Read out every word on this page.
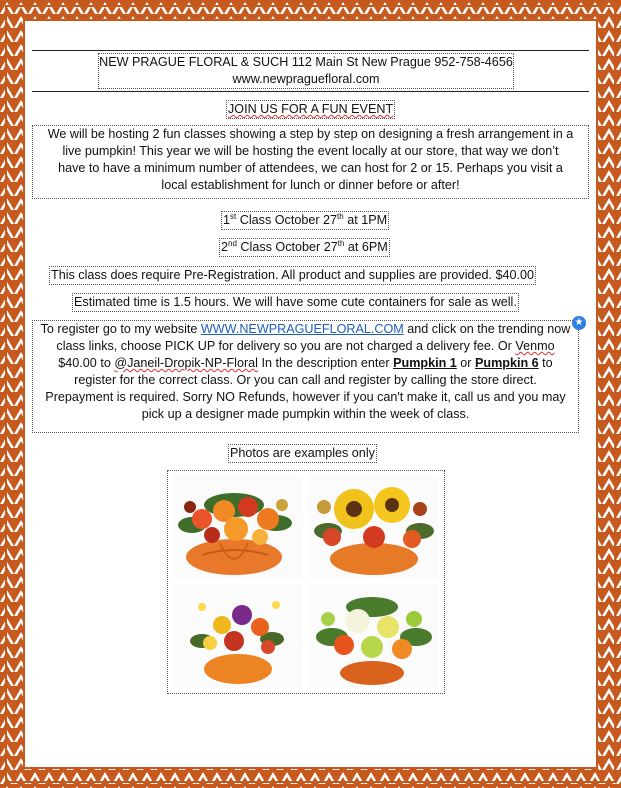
NEW PRAGUE FLORAL & SUCH 112 Main St New Prague 952-758-4656
www.newpraguefloral.com
JOIN US FOR A FUN EVENT
We will be hosting 2 fun classes showing a step by step on designing a fresh arrangement in a
live pumpkin! This year we will be hosting the event locally at our store, that way we don’t
have to have a minimum number of attendees, we can host for 2 or 15. Perhaps you visit a
local establishment for lunch or dinner before or after!
1st Class October 27th at 1PM
2nd Class October 27th at 6PM
This class does require Pre-Registration. All product and supplies are provided. $40.00
Estimated time is 1.5 hours. We will have some cute containers for sale as well.
To register go to my website WWW.NEWPRAGUEFLORAL.COM and click on the trending now
class links, choose PICK UP for delivery so you are not charged a delivery fee. Or Venmo
$40.00 to @Janeil-Dropik-NP-Floral In the description enter Pumpkin 1 or Pumpkin 6 to
register for the correct class. Or you can call and register by calling the store direct.
Prepayment is required. Sorry NO Refunds, however if you can't make it, call us and you may
pick up a designer made pumpkin within the week of class.
Photos are examples only
★
